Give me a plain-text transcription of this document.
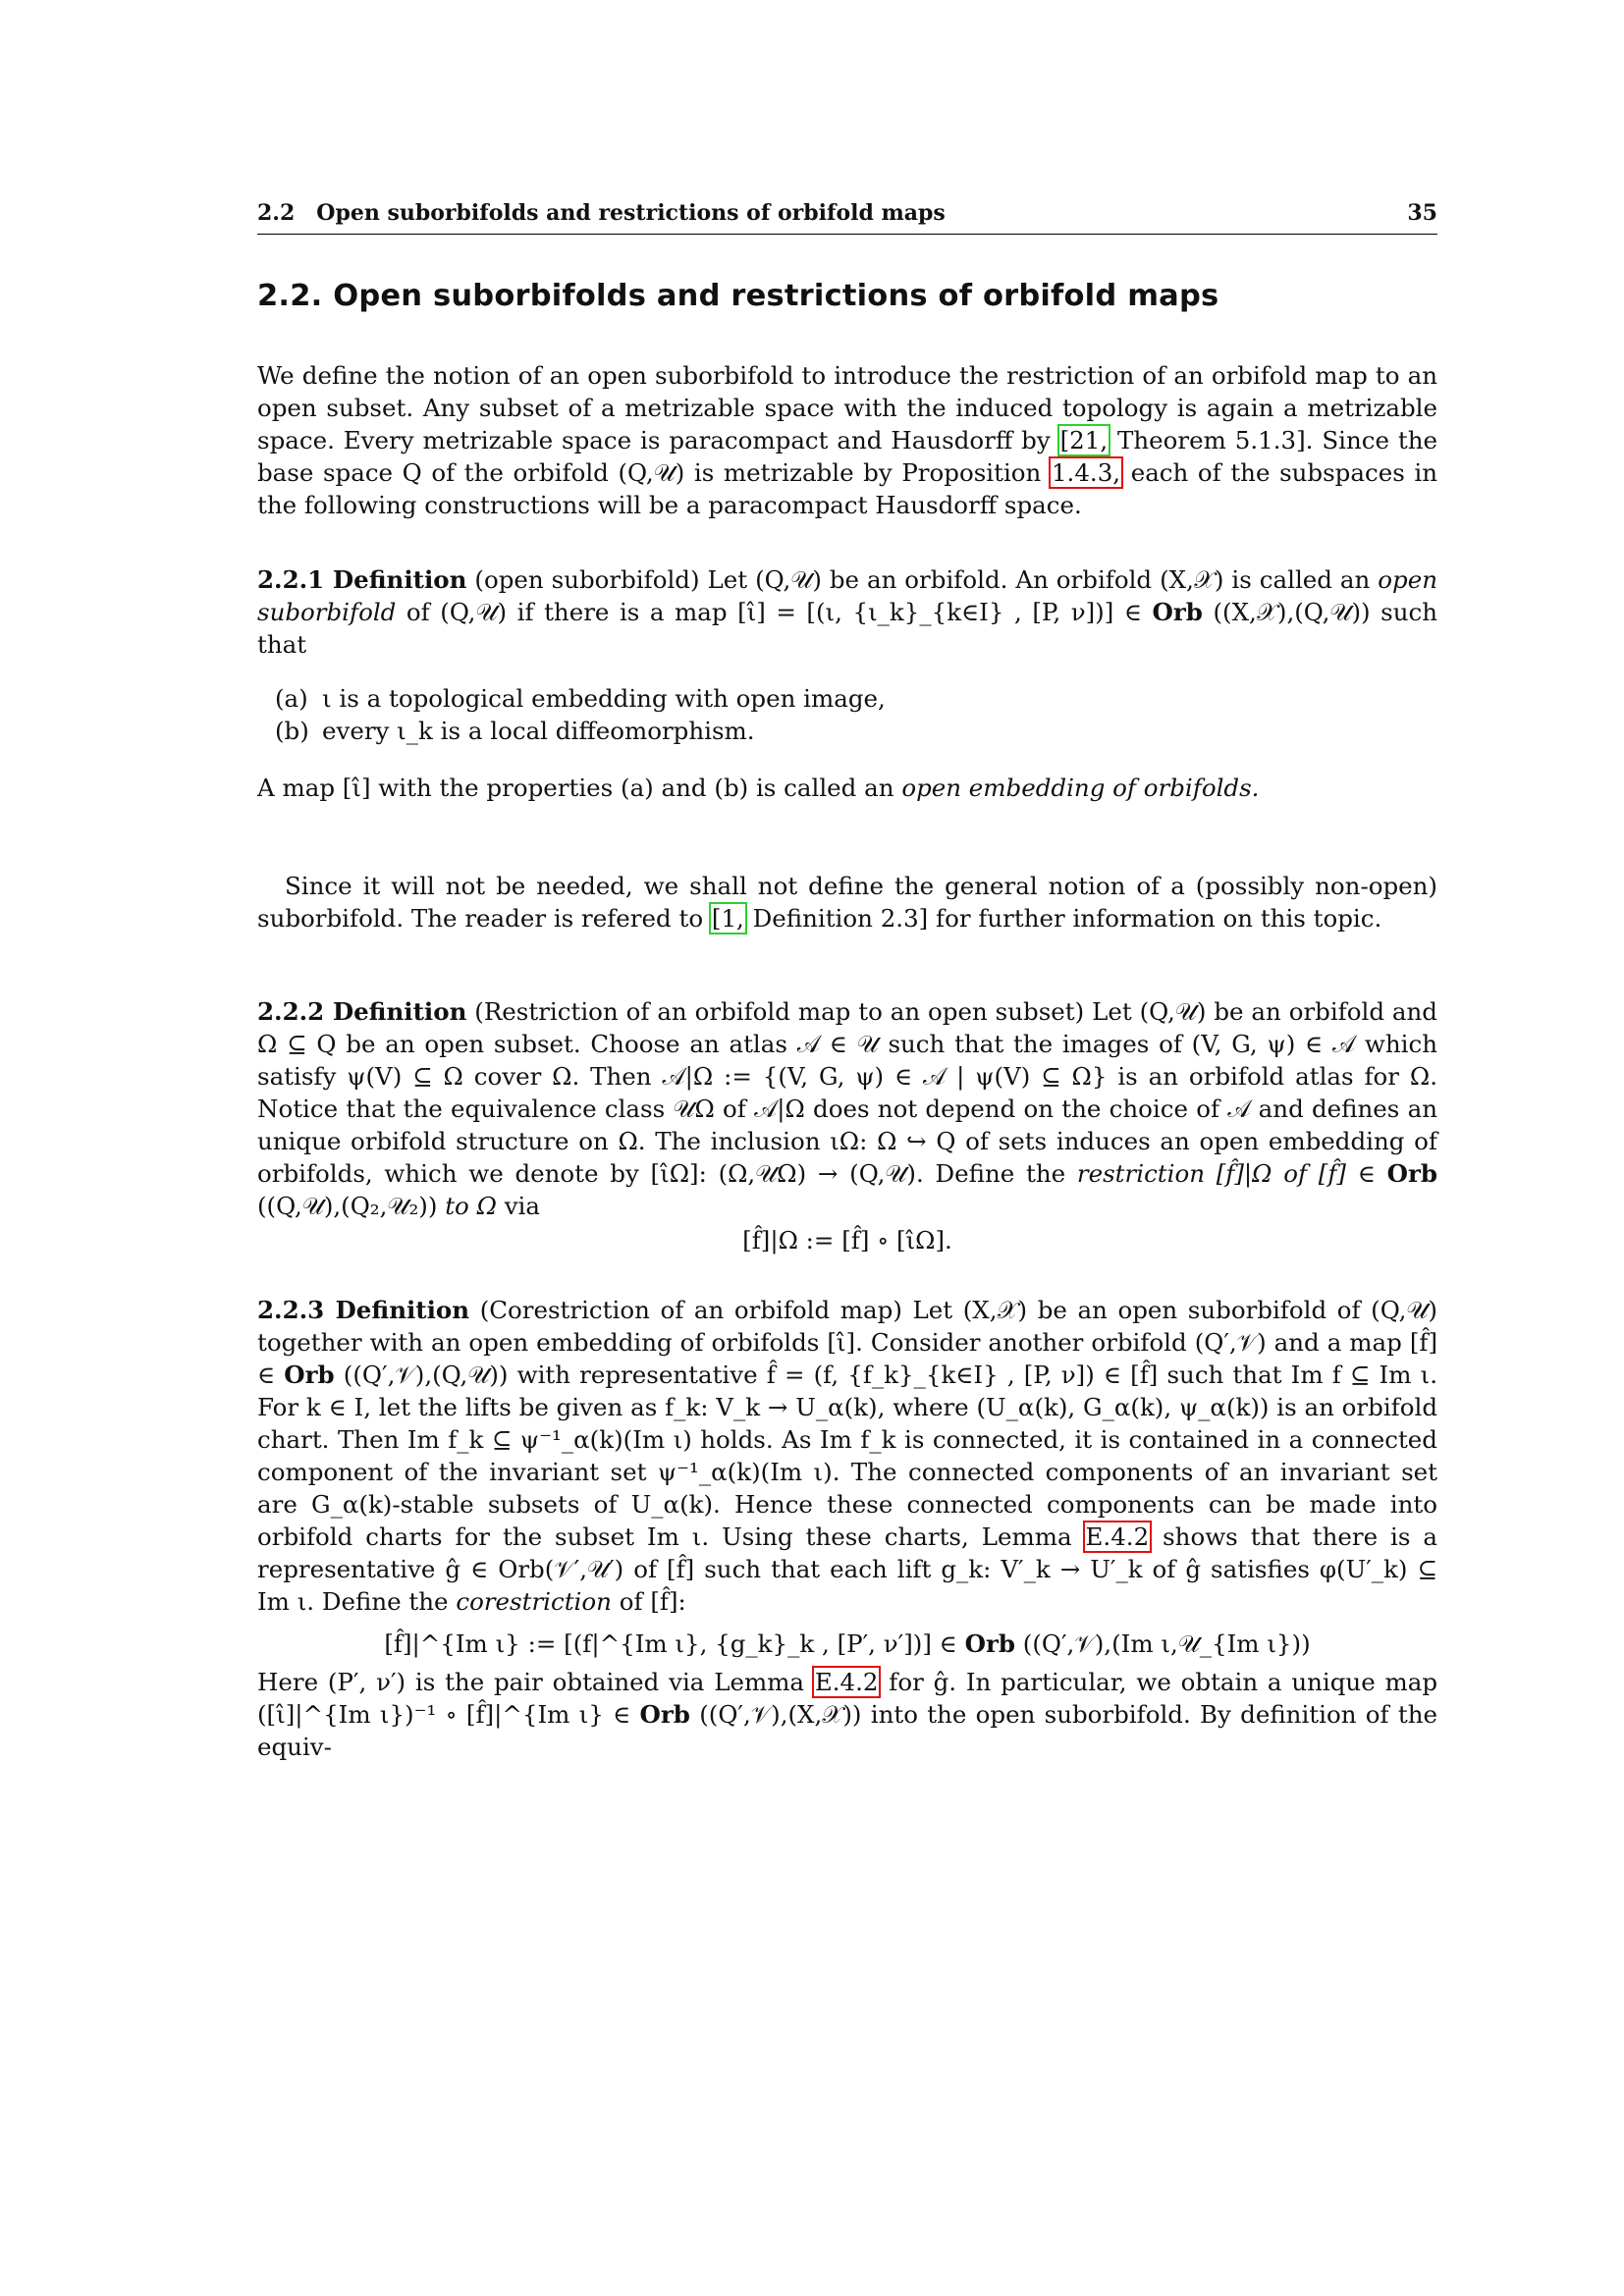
2.2 Open suborbifolds and restrictions of orbifold maps	35
2.2. Open suborbifolds and restrictions of orbifold maps

We define the notion of an open suborbifold to introduce the restriction of an orbifold map to an open subset. Any subset of a metrizable space with the induced topology is again a metrizable space. Every metrizable space is paracompact and Hausdorff by [21, Theorem 5.1.3]. Since the base space Q of the orbifold (Q,𝒰) is metrizable by Proposition 1.4.3, each of the subspaces in the following constructions will be a paracompact Hausdorff space.

2.2.1 Definition (open suborbifold) Let (Q,𝒰) be an orbifold. An orbifold (X,𝒳) is called an open suborbifold of (Q,𝒰) if there is a map [ι̂] = [(ι, {ι_k}_{k∈I} , [P, ν])] ∈ Orb ((X,𝒳),(Q,𝒰)) such that

(a) ι is a topological embedding with open image,
(b) every ι_k is a local diffeomorphism.

A map [ι̂] with the properties (a) and (b) is called an open embedding of orbifolds.

Since it will not be needed, we shall not define the general notion of a (possibly non-open) suborbifold. The reader is refered to [1, Definition 2.3] for further information on this topic.

2.2.2 Definition (Restriction of an orbifold map to an open subset) Let (Q,𝒰) be an orbifold and Ω ⊆ Q be an open subset. Choose an atlas 𝒜 ∈ 𝒰 such that the images of (V, G, ψ) ∈ 𝒜 which satisfy ψ(V) ⊆ Ω cover Ω. Then 𝒜|Ω := {(V, G, ψ) ∈ 𝒜 | ψ(V) ⊆ Ω} is an orbifold atlas for Ω. Notice that the equivalence class 𝒰Ω of 𝒜|Ω does not depend on the choice of 𝒜 and defines an unique orbifold structure on Ω. The inclusion ιΩ: Ω ↪ Q of sets induces an open embedding of orbifolds, which we denote by [ι̂Ω]: (Ω,𝒰Ω) → (Q,𝒰). Define the restriction [f̂]|Ω of [f̂] ∈ Orb ((Q,𝒰),(Q₂,𝒰₂)) to Ω via

[f̂]|Ω := [f̂] ∘ [ι̂Ω].

2.2.3 Definition (Corestriction of an orbifold map) Let (X,𝒳) be an open suborbifold of (Q,𝒰) together with an open embedding of orbifolds [ι̂]. Consider another orbifold (Q′,𝒱) and a map [f̂] ∈ Orb ((Q′,𝒱),(Q,𝒰)) with representative f̂ = (f, {f_k}_{k∈I} , [P, ν]) ∈ [f̂] such that Im f ⊆ Im ι. For k ∈ I, let the lifts be given as f_k: V_k → U_α(k), where (U_α(k), G_α(k), ψ_α(k)) is an orbifold chart. Then Im f_k ⊆ ψ⁻¹_α(k)(Im ι) holds. As Im f_k is connected, it is contained in a connected component of the invariant set ψ⁻¹_α(k)(Im ι). The connected components of an invariant set are G_α(k)-stable subsets of U_α(k). Hence these connected components can be made into orbifold charts for the subset Im ι. Using these charts, Lemma E.4.2 shows that there is a representative ĝ ∈ Orb(𝒱′,𝒰′) of [f̂] such that each lift g_k: V′_k → U′_k of ĝ satisfies φ(U′_k) ⊆ Im ι. Define the corestriction of [f̂]:

[f̂]|^{Im ι} := [(f|^{Im ι}, {g_k}_k , [P′, ν′])] ∈ Orb ((Q′,𝒱),(Im ι,𝒰_{Im ι}))

Here (P′, ν′) is the pair obtained via Lemma E.4.2 for ĝ. In particular, we obtain a unique map ([ι̂]|^{Im ι})⁻¹ ∘ [f̂]|^{Im ι} ∈ Orb ((Q′,𝒱),(X,𝒳)) into the open suborbifold. By definition of the equiv-
